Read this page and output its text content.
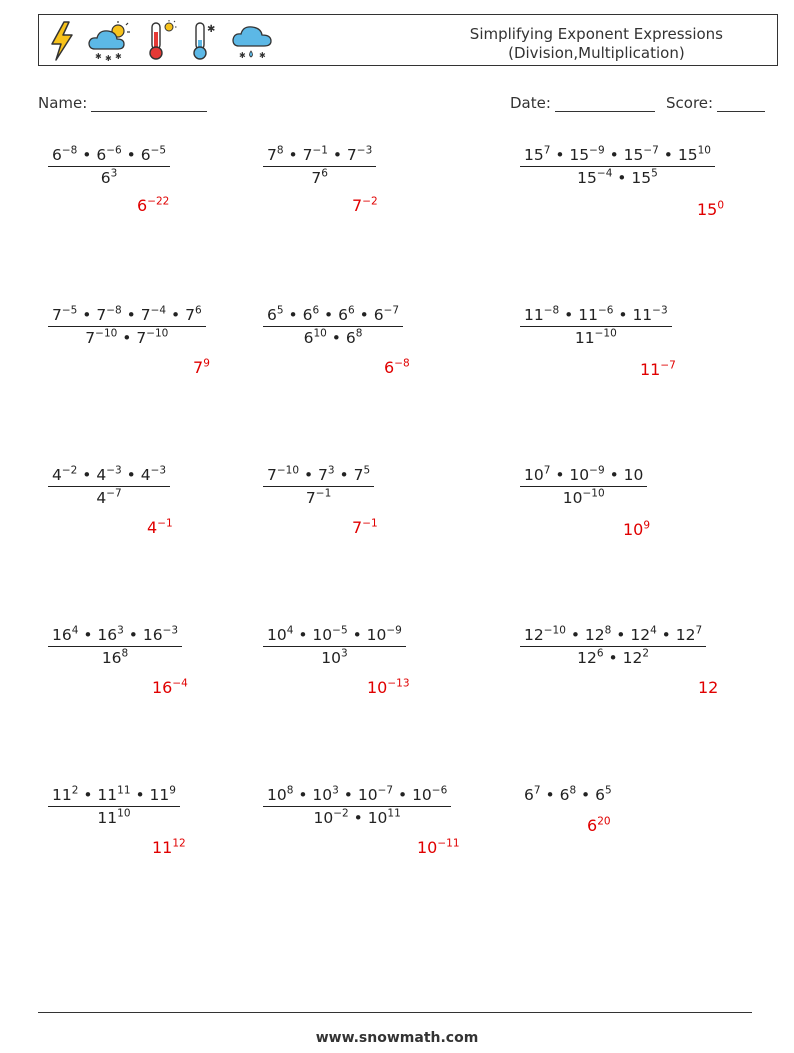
✱ ✱ ✱
✱
✱ ✱
Simplifying Exponent Expressions
(Division,Multiplication)
Name:	Date:	Score:
$\frac{6^{-8} • 6^{-6} • 6^{-5}}{6^3}$
$6^{-22}$
$\frac{7^8 • 7^{-1} • 7^{-3}}{7^6}$
$7^{-2}$
$\frac{15^7 • 15^{-9} • 15^{-7} • 15^{10}}{15^{-4} • 15^5}$
$15^0$
$\frac{7^{-5} • 7^{-8} • 7^{-4} • 7^6}{7^{-10} • 7^{-10}}$
$7^9$
$\frac{6^5 • 6^6 • 6^6 • 6^{-7}}{6^{10} • 6^8}$
$6^{-8}$
$\frac{11^{-8} • 11^{-6} • 11^{-3}}{11^{-10}}$
$11^{-7}$
$\frac{4^{-2} • 4^{-3} • 4^{-3}}{4^{-7}}$
$4^{-1}$
$\frac{7^{-10} • 7^3 • 7^5}{7^{-1}}$
$7^{-1}$
$\frac{10^7 • 10^{-9} • 10}{10^{-10}}$
$10^9$
$\frac{16^4 • 16^3 • 16^{-3}}{16^8}$
$16^{-4}$
$\frac{10^4 • 10^{-5} • 10^{-9}}{10^3}$
$10^{-13}$
$\frac{12^{-10} • 12^8 • 12^4 • 12^7}{12^6 • 12^2}$
12
$\frac{11^2 • 11^{11} • 11^9}{11^{10}}$
$11^{12}$
$\frac{10^8 • 10^3 • 10^{-7} • 10^{-6}}{10^{-2} • 10^{11}}$
$10^{-11}$
$6^7$ • $6^8$ • $6^5$
$6^{20}$
www.snowmath.com
